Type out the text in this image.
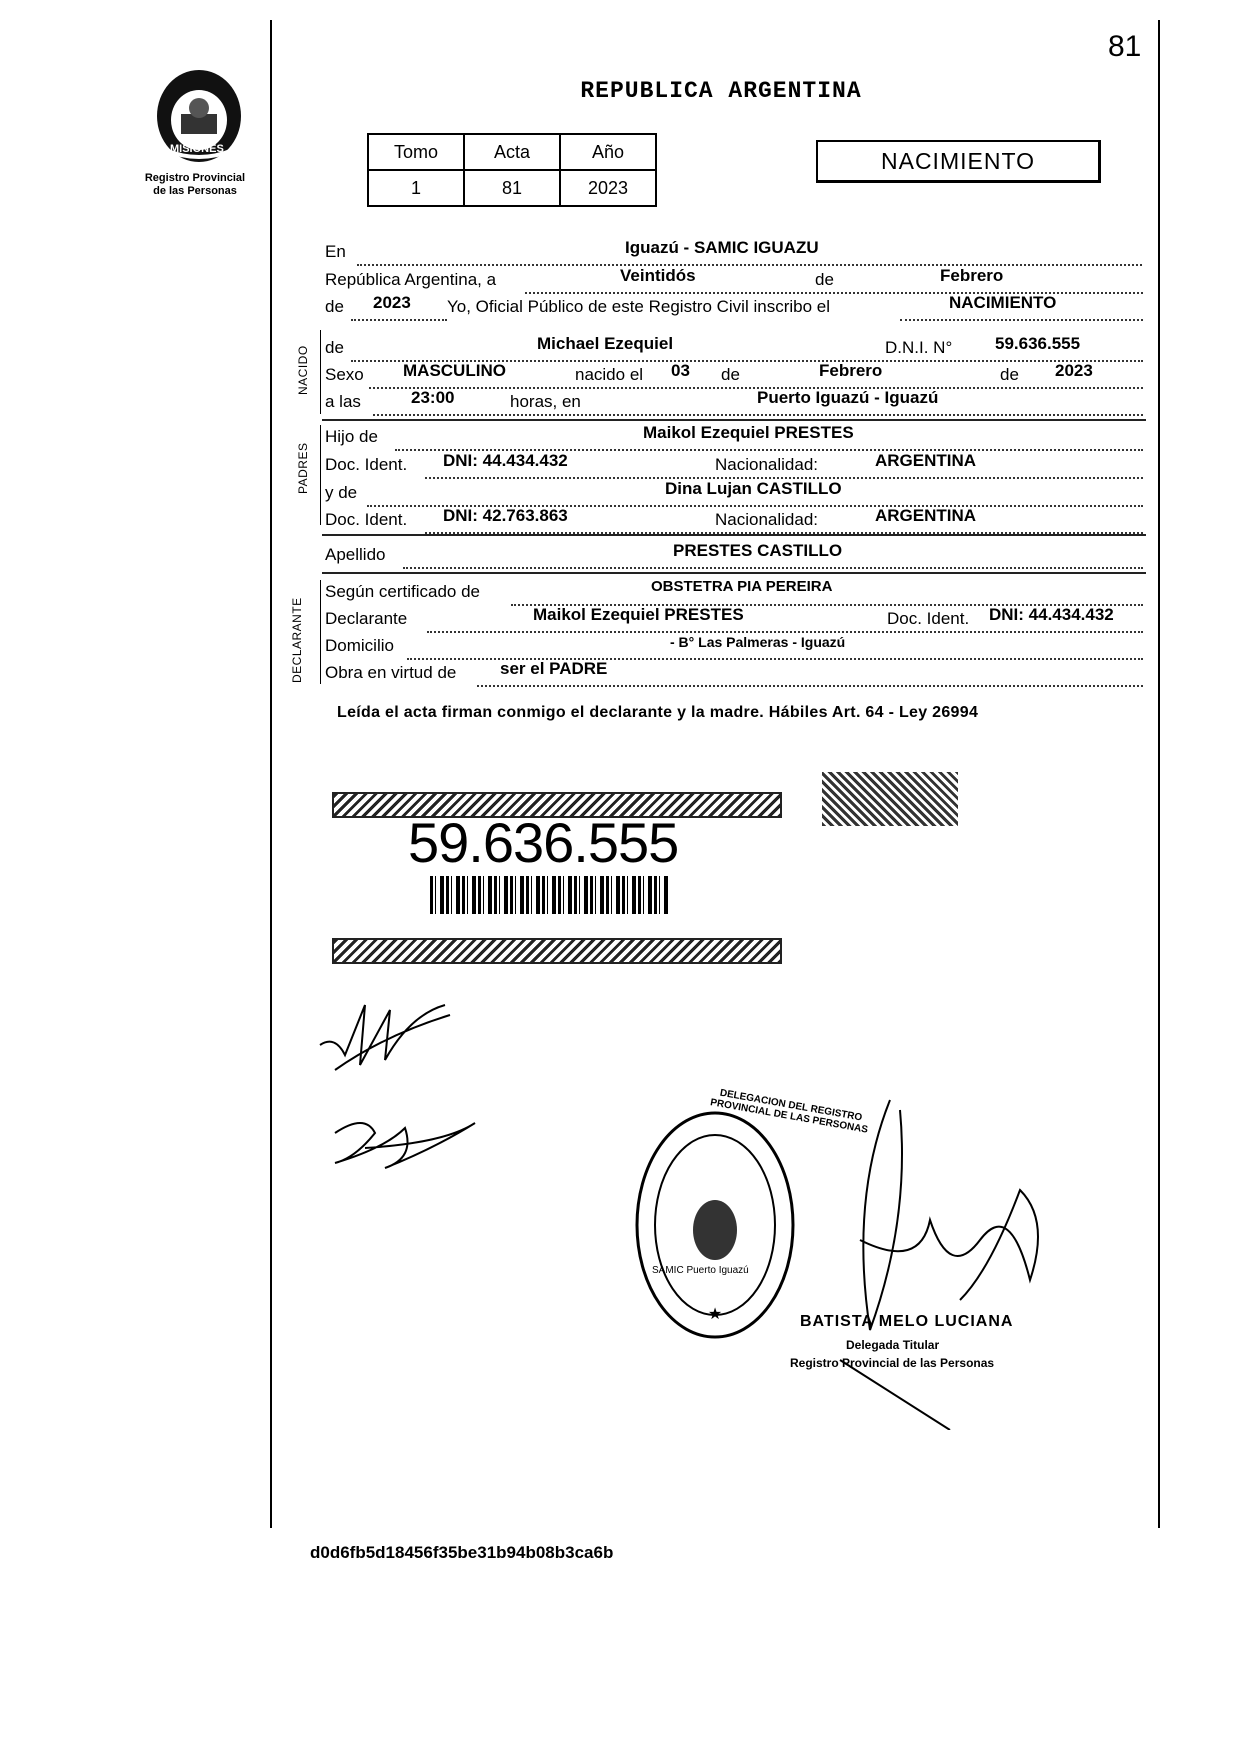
81
REPUBLICA ARGENTINA
MISIONES
Registro Provincial
de las Personas
Tomo	Acta	Año
1	81	2023
NACIMIENTO
En	Iguazú - SAMIC IGUAZU
República Argentina, a	Veintidós	de	Febrero
de 2023 Yo, Oficial Público de este Registro Civil inscribo el	NACIMIENTO
NACIDO de	Michael Ezequiel	D.N.I. N°	59.636.555
Sexo MASCULINO	nacido el 03 de	Febrero	de 2023
a las	23:00	horas, en	Puerto Iguazú - Iguazú
PADRES
Hijo de	Maikol Ezequiel PRESTES
Doc. Ident. DNI: 44.434.432	Nacionalidad:	ARGENTINA
y de	Dina Lujan CASTILLO
Doc. Ident. DNI: 42.763.863	Nacionalidad:	ARGENTINA
Apellido	PRESTES CASTILLO
DECLARANTE
Según certificado de	OBSTETRA PIA PEREIRA
Declarante	Maikol Ezequiel PRESTES	Doc. Ident. DNI: 44.434.432
Domicilio	- B° Las Palmeras - Iguazú
Obra en virtud de	ser el PADRE
Leída el acta firman conmigo el declarante y la madre. Hábiles Art. 64 - Ley 26994
59.636.555
★
DELEGACION DEL REGISTRO PROVINCIAL DE LAS PERSONAS
SAMIC Puerto Iguazú
BATISTA MELO LUCIANA
Delegada Titular
Registro Provincial de las Personas
d0d6fb5d18456f35be31b94b08b3ca6b
